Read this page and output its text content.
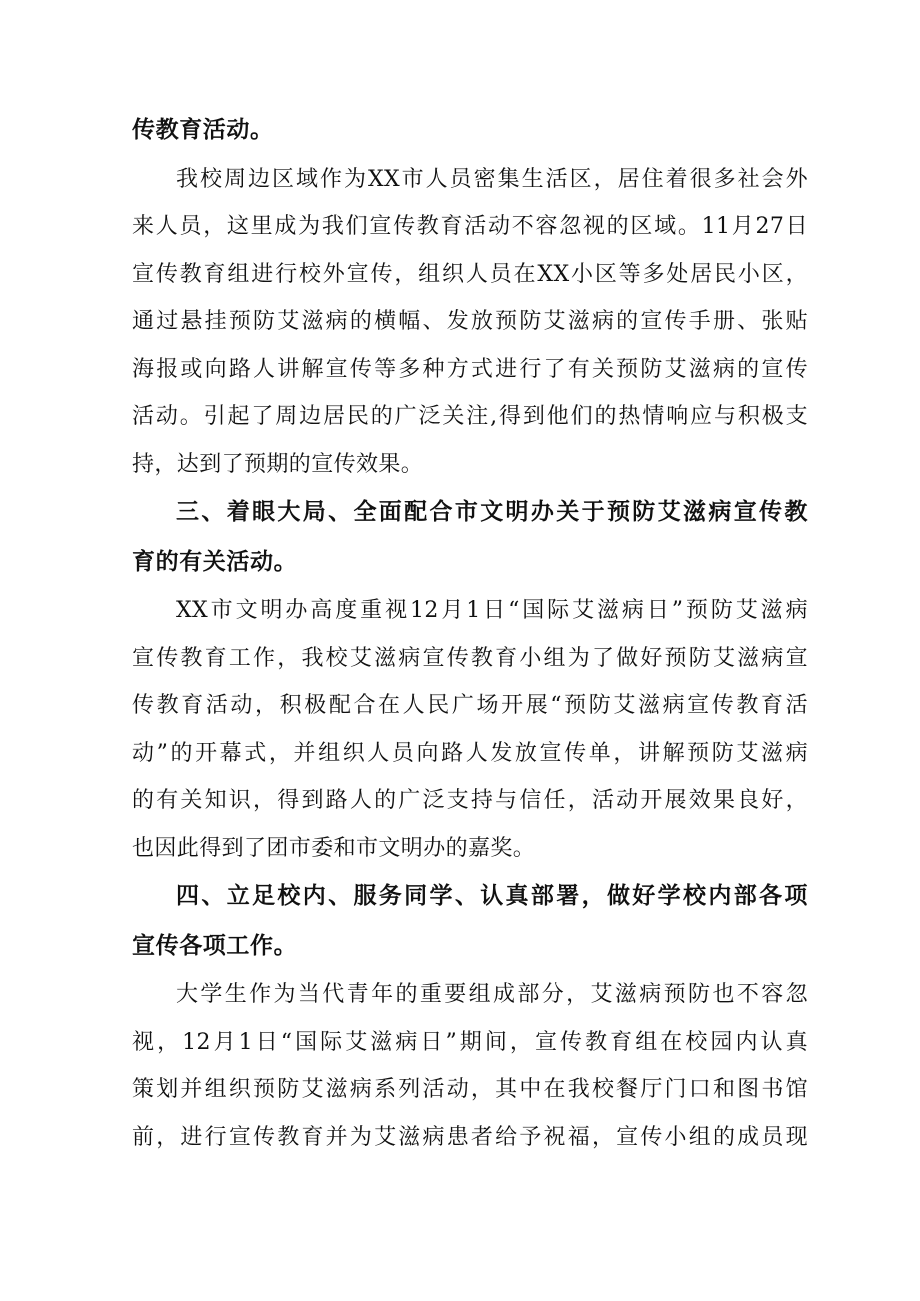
传教育活动。
我校周边区域作为XX市人员密集生活区，居住着很多社会外
来人员，这里成为我们宣传教育活动不容忽视的区域。11月27日
宣传教育组进行校外宣传，组织人员在XX小区等多处居民小区，
通过悬挂预防艾滋病的横幅、发放预防艾滋病的宣传手册、张贴
海报或向路人讲解宣传等多种方式进行了有关预防艾滋病的宣传
活动。引起了周边居民的广泛关注,得到他们的热情响应与积极支
持，达到了预期的宣传效果。
三、着眼大局、全面配合市文明办关于预防艾滋病宣传教
育的有关活动。
XX市文明办高度重视12月1日“国际艾滋病日”预防艾滋病
宣传教育工作，我校艾滋病宣传教育小组为了做好预防艾滋病宣
传教育活动，积极配合在人民广场开展“预防艾滋病宣传教育活
动”的开幕式，并组织人员向路人发放宣传单，讲解预防艾滋病
的有关知识，得到路人的广泛支持与信任，活动开展效果良好，
也因此得到了团市委和市文明办的嘉奖。
四、立足校内、服务同学、认真部署，做好学校内部各项
宣传各项工作。
大学生作为当代青年的重要组成部分，艾滋病预防也不容忽
视，12月1日“国际艾滋病日”期间，宣传教育组在校园内认真
策划并组织预防艾滋病系列活动，其中在我校餐厅门口和图书馆
前，进行宣传教育并为艾滋病患者给予祝福，宣传小组的成员现
